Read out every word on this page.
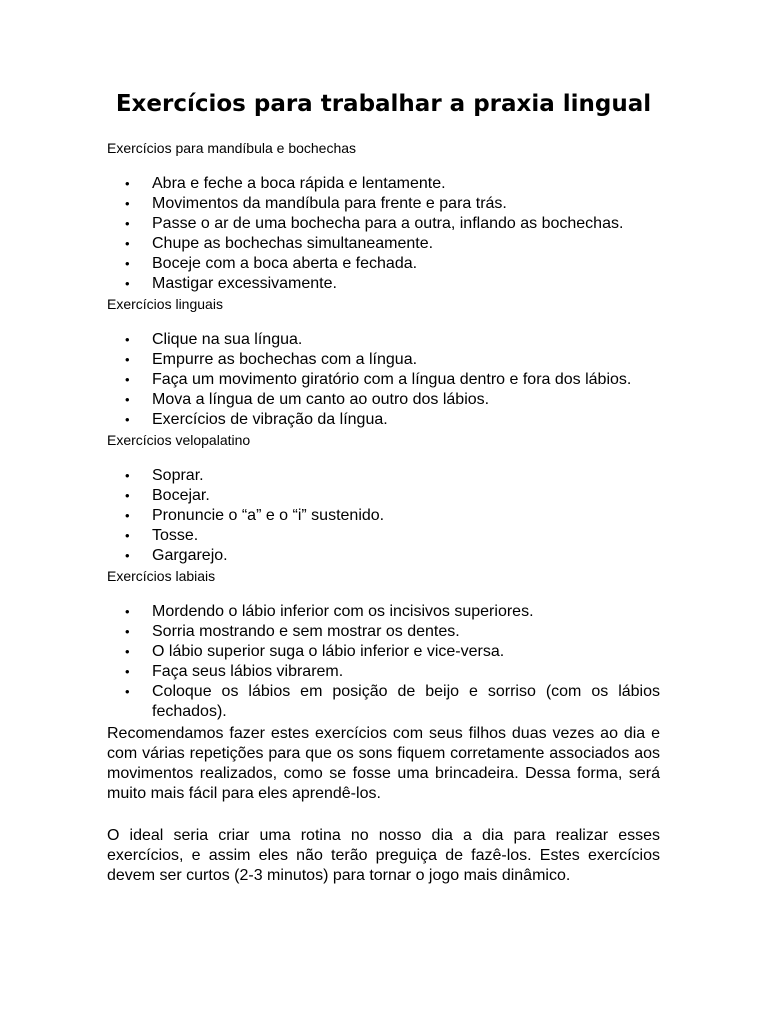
Exercícios para trabalhar a praxia lingual

Exercícios para mandíbula e bochechas

• Abra e feche a boca rápida e lentamente.
• Movimentos da mandíbula para frente e para trás.
• Passe o ar de uma bochecha para a outra, inflando as bochechas.
• Chupe as bochechas simultaneamente.
• Boceje com a boca aberta e fechada.
• Mastigar excessivamente.

Exercícios linguais

• Clique na sua língua.
• Empurre as bochechas com a língua.
• Faça um movimento giratório com a língua dentro e fora dos lábios.
• Mova a língua de um canto ao outro dos lábios.
• Exercícios de vibração da língua.

Exercícios velopalatino

• Soprar.
• Bocejar.
• Pronuncie o “a” e o “i” sustenido.
• Tosse.
• Gargarejo.

Exercícios labiais

• Mordendo o lábio inferior com os incisivos superiores.
• Sorria mostrando e sem mostrar os dentes.
• O lábio superior suga o lábio inferior e vice-versa.
• Faça seus lábios vibrarem.
• Coloque os lábios em posição de beijo e sorriso (com os lábios fechados).

Recomendamos fazer estes exercícios com seus filhos duas vezes ao dia e com várias repetições para que os sons fiquem corretamente associados aos movimentos realizados, como se fosse uma brincadeira. Dessa forma, será muito mais fácil para eles aprendê-los.

O ideal seria criar uma rotina no nosso dia a dia para realizar esses exercícios, e assim eles não terão preguiça de fazê-los. Estes exercícios devem ser curtos (2-3 minutos) para tornar o jogo mais dinâmico.
